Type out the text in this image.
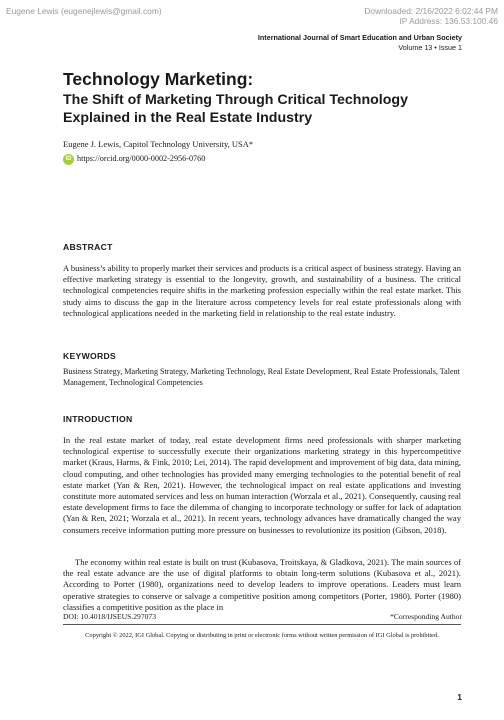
Eugene Lewis (eugenejlewis@gmail.com)	Downloaded: 2/16/2022 6:02:44 PM
IP Address: 136.53.100.46
International Journal of Smart Education and Urban Society
Volume 13 • Issue 1
Technology Marketing:
The Shift of Marketing Through Critical Technology Explained in the Real Estate Industry
Eugene J. Lewis, Capitol Technology University, USA*
iD https://orcid.org/0000-0002-2956-0760
ABSTRACT
A business’s ability to properly market their services and products is a critical aspect of business strategy. Having an effective marketing strategy is essential to the longevity, growth, and sustainability of a business. The critical technological competencies require shifts in the marketing profession especially within the real estate market. This study aims to discuss the gap in the literature across competency levels for real estate professionals along with technological applications needed in the marketing field in relationship to the real estate industry.
KEYWORDS
Business Strategy, Marketing Strategy, Marketing Technology, Real Estate Development, Real Estate Professionals, Talent Management, Technological Competencies
INTRODUCTION
In the real estate market of today, real estate development firms need professionals with sharper marketing technological expertise to successfully execute their organizations marketing strategy in this hypercompetitive market (Kraus, Harms, & Fink, 2010; Lei, 2014). The rapid development and improvement of big data, data mining, cloud computing, and other technologies has provided many emerging technologies to the potential benefit of real estate market (Yan & Ren, 2021). However, the technological impact on real estate applications and investing constitute more automated services and less on human interaction (Worzala et al., 2021). Consequently, causing real estate development firms to face the dilemma of changing to incorporate technology or suffer for lack of adaptation (Yan & Ren, 2021; Worzala et al., 2021). In recent years, technology advances have dramatically changed the way consumers receive information putting more pressure on businesses to revolutionize its position (Gibson, 2018).
The economy within real estate is built on trust (Kubasova, Troitskaya, & Gladkova, 2021). The main sources of the real estate advance are the use of digital platforms to obtain long-term solutions (Kubasova et al., 2021). According to Porter (1980), organizations need to develop leaders to improve operations. Leaders must learn operative strategies to conserve or salvage a competitive position among competitors (Porter, 1980). Porter (1980) classifies a competitive position as the place in
DOI: 10.4018/IJSEUS.297073	*Corresponding Author
Copyright © 2022, IGI Global. Copying or distributing in print or electronic forms without written permission of IGI Global is prohibited.
1
